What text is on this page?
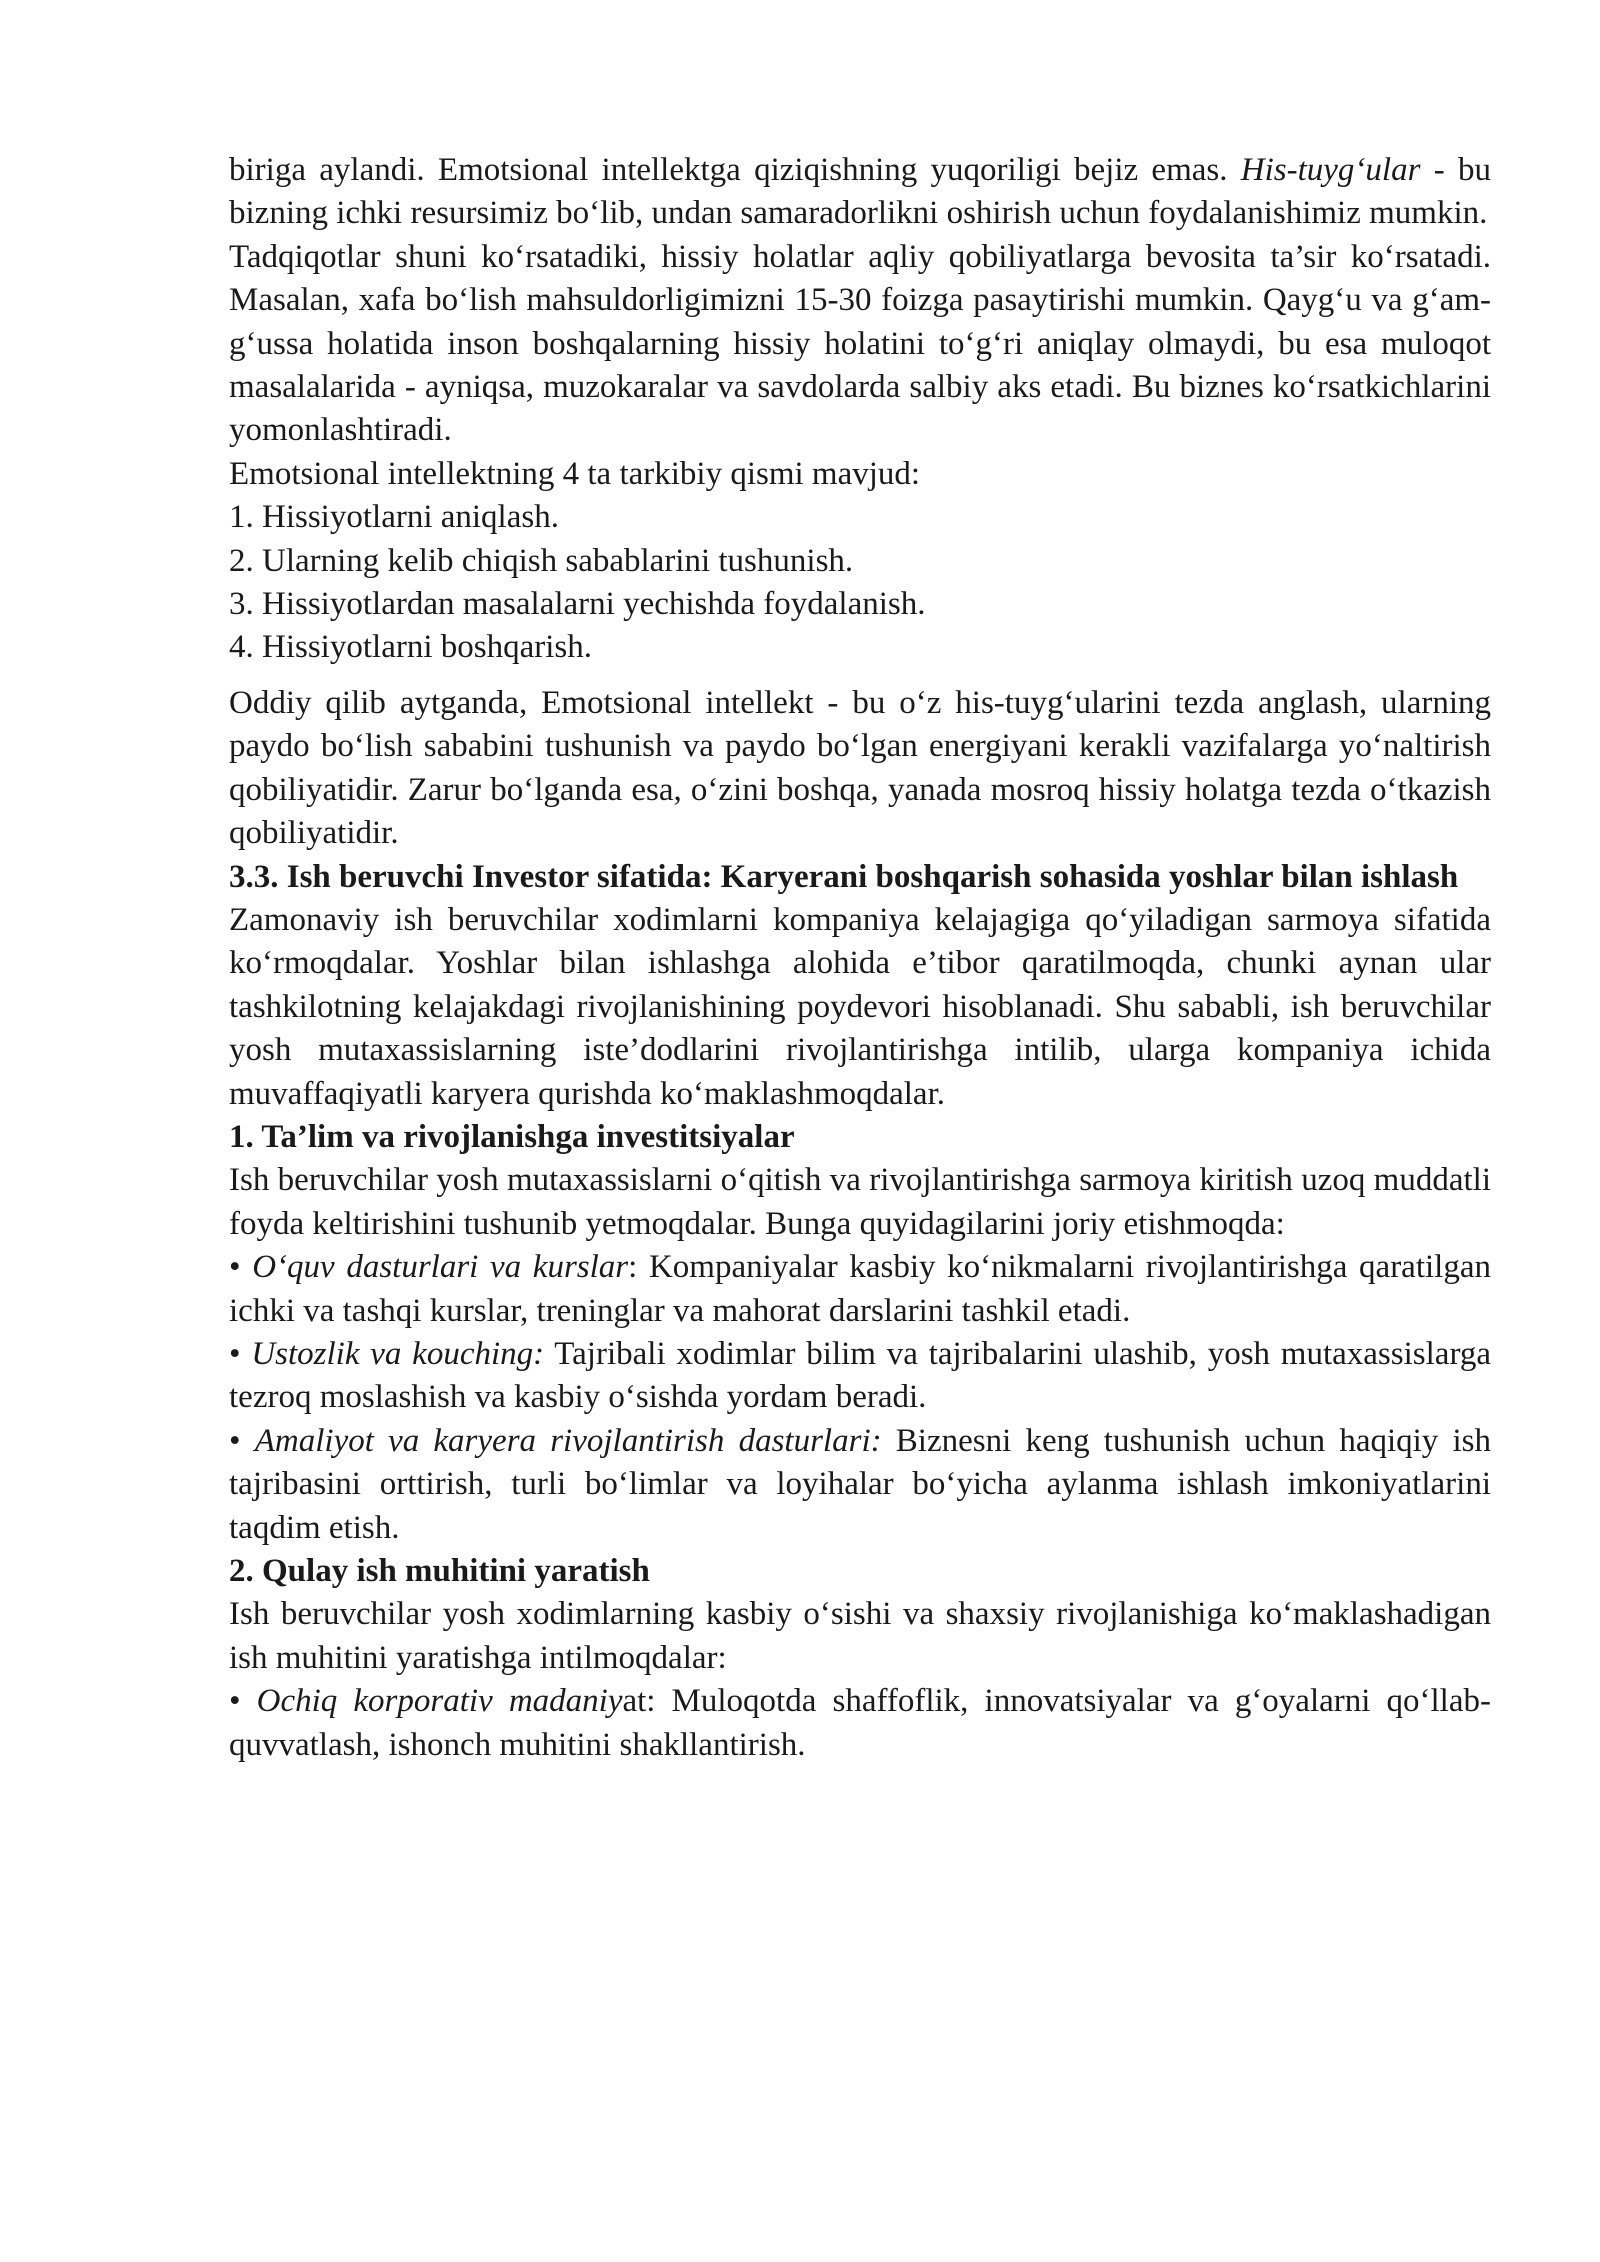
biriga aylandi. Emotsional intellektga qiziqishning yuqoriligi bejiz emas. His-tuyg‘ular - bu bizning ichki resursimiz bo‘lib, undan samaradorlikni oshirish uchun foydalanishimiz mumkin.

Tadqiqotlar shuni ko‘rsatadiki, hissiy holatlar aqliy qobiliyatlarga bevosita ta’sir ko‘rsatadi. Masalan, xafa bo‘lish mahsuldorligimizni 15-30 foizga pasaytirishi mumkin. Qayg‘u va g‘am-g‘ussa holatida inson boshqalarning hissiy holatini to‘g‘ri aniqlay olmaydi, bu esa muloqot masalalarida - ayniqsa, muzokaralar va savdolarda salbiy aks etadi. Bu biznes ko‘rsatkichlarini yomonlashtiradi.

Emotsional intellektning 4 ta tarkibiy qismi mavjud:

1. Hissiyotlarni aniqlash.

2. Ularning kelib chiqish sabablarini tushunish.

3. Hissiyotlardan masalalarni yechishda foydalanish.

4. Hissiyotlarni boshqarish.

Oddiy qilib aytganda, Emotsional intellekt - bu o‘z his-tuyg‘ularini tezda anglash, ularning paydo bo‘lish sababini tushunish va paydo bo‘lgan energiyani kerakli vazifalarga yo‘naltirish qobiliyatidir. Zarur bo‘lganda esa, o‘zini boshqa, yanada mosroq hissiy holatga tezda o‘tkazish qobiliyatidir.

3.3. Ish beruvchi Investor sifatida: Karyerani boshqarish sohasida yoshlar bilan ishlash

Zamonaviy ish beruvchilar xodimlarni kompaniya kelajagiga qo‘yiladigan sarmoya sifatida ko‘rmoqdalar. Yoshlar bilan ishlashga alohida e’tibor qaratilmoqda, chunki aynan ular tashkilotning kelajakdagi rivojlanishining poydevori hisoblanadi. Shu sababli, ish beruvchilar yosh mutaxassislarning iste’dodlarini rivojlantirishga intilib, ularga kompaniya ichida muvaffaqiyatli karyera qurishda ko‘maklashmoqdalar.

1. Ta’lim va rivojlanishga investitsiyalar

Ish beruvchilar yosh mutaxassislarni o‘qitish va rivojlantirishga sarmoya kiritish uzoq muddatli foyda keltirishini tushunib yetmoqdalar. Bunga quyidagilarini joriy etishmoqda:

• O‘quv dasturlari va kurslar: Kompaniyalar kasbiy ko‘nikmalarni rivojlantirishga qaratilgan ichki va tashqi kurslar, treninglar va mahorat darslarini tashkil etadi.

• Ustozlik va kouching: Tajribali xodimlar bilim va tajribalarini ulashib, yosh mutaxassislarga tezroq moslashish va kasbiy o‘sishda yordam beradi.

• Amaliyot va karyera rivojlantirish dasturlari: Biznesni keng tushunish uchun haqiqiy ish tajribasini orttirish, turli bo‘limlar va loyihalar bo‘yicha aylanma ishlash imkoniyatlarini taqdim etish.

2. Qulay ish muhitini yaratish

Ish beruvchilar yosh xodimlarning kasbiy o‘sishi va shaxsiy rivojlanishiga ko‘maklashadigan ish muhitini yaratishga intilmoqdalar:

• Ochiq korporativ madaniyat: Muloqotda shaffoflik, innovatsiyalar va g‘oyalarni qo‘llab-quvvatlash, ishonch muhitini shakllantirish.
